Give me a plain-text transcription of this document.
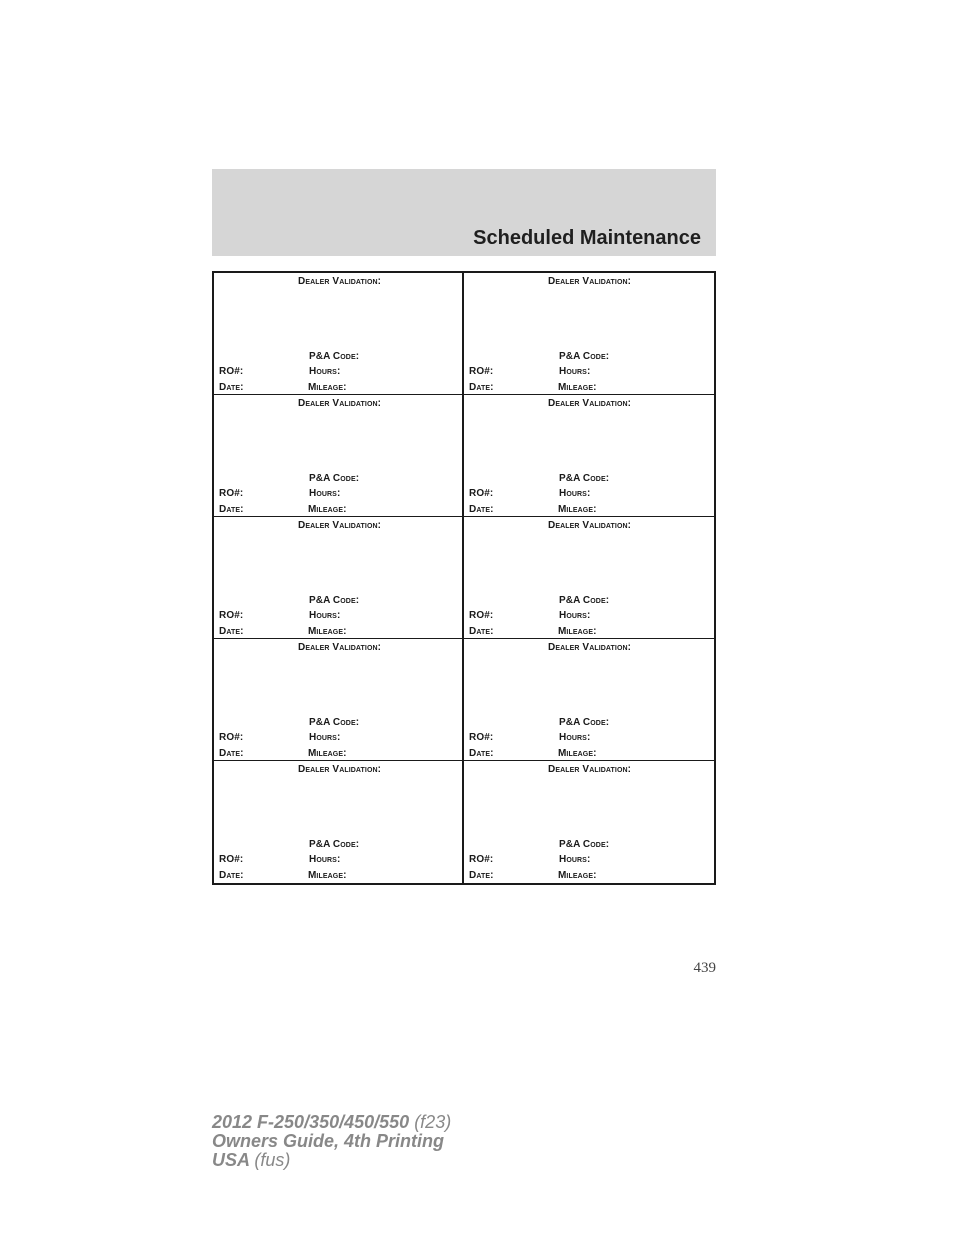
Scheduled Maintenance
Dealer Validation:
P&A Code:
RO#:	Hours:
Date:	Mileage:
Dealer Validation:
P&A Code:
RO#:	Hours:
Date:	Mileage:
Dealer Validation:
P&A Code:
RO#:	Hours:
Date:	Mileage:
Dealer Validation:
P&A Code:
RO#:	Hours:
Date:	Mileage:
Dealer Validation:
P&A Code:
RO#:	Hours:
Date:	Mileage:
Dealer Validation:
P&A Code:
RO#:	Hours:
Date:	Mileage:
Dealer Validation:
P&A Code:
RO#:	Hours:
Date:	Mileage:
Dealer Validation:
P&A Code:
RO#:	Hours:
Date:	Mileage:
Dealer Validation:
P&A Code:
RO#:	Hours:
Date:	Mileage:
Dealer Validation:
P&A Code:
RO#:	Hours:
Date:	Mileage:
439
2012 F-250/350/450/550 (f23)
Owners Guide, 4th Printing
USA (fus)
